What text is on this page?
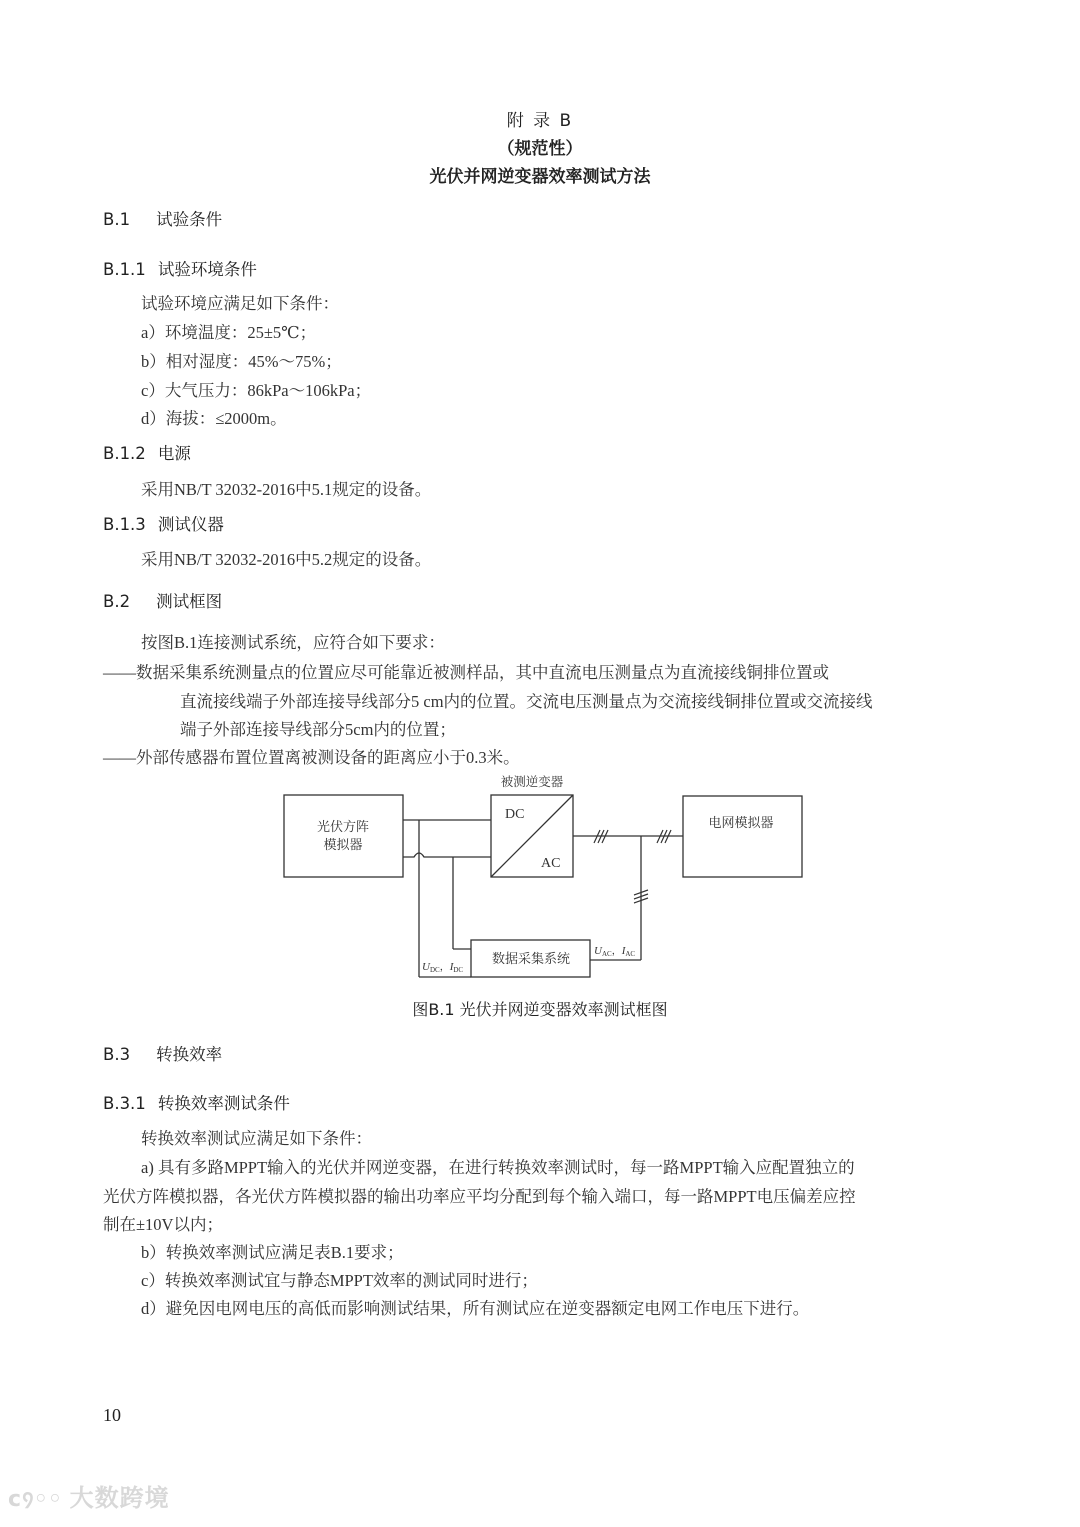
附 录 B
（规范性）
光伏并网逆变器效率测试方法
B.1 试验条件
B.1.1 试验环境条件
试验环境应满足如下条件：
a）环境温度：25±5℃；
b）相对湿度：45%～75%；
c）大气压力：86kPa～106kPa；
d）海拔：≤2000m。
B.1.2 电源
采用NB/T 32032-2016中5.1规定的设备。
B.1.3 测试仪器
采用NB/T 32032-2016中5.2规定的设备。
B.2 测试框图
按图B.1连接测试系统，应符合如下要求：
——数据采集系统测量点的位置应尽可能靠近被测样品，其中直流电压测量点为直流接线铜排位置或
直流接线端子外部连接导线部分5 cm内的位置。交流电压测量点为交流接线铜排位置或交流接线
端子外部连接导线部分5cm内的位置；
——外部传感器布置位置离被测设备的距离应小于0.3米。
被测逆变器
光伏方阵
模拟器
DC
AC
电网模拟器
数据采集系统
UDC，IDC
UAC，IAC
图B.1 光伏并网逆变器效率测试框图
B.3 转换效率
B.3.1 转换效率测试条件
转换效率测试应满足如下条件：
a) 具有多路MPPT输入的光伏并网逆变器，在进行转换效率测试时，每一路MPPT输入应配置独立的
光伏方阵模拟器，各光伏方阵模拟器的输出功率应平均分配到每个输入端口，每一路MPPT电压偏差应控
制在±10V以内；
b）转换效率测试应满足表B.1要求；
c）转换效率测试宜与静态MPPT效率的测试同时进行；
d）避免因电网电压的高低而影响测试结果，所有测试应在逆变器额定电网工作电压下进行。
10
ᴄ᠀◦◦ 大数跨境
